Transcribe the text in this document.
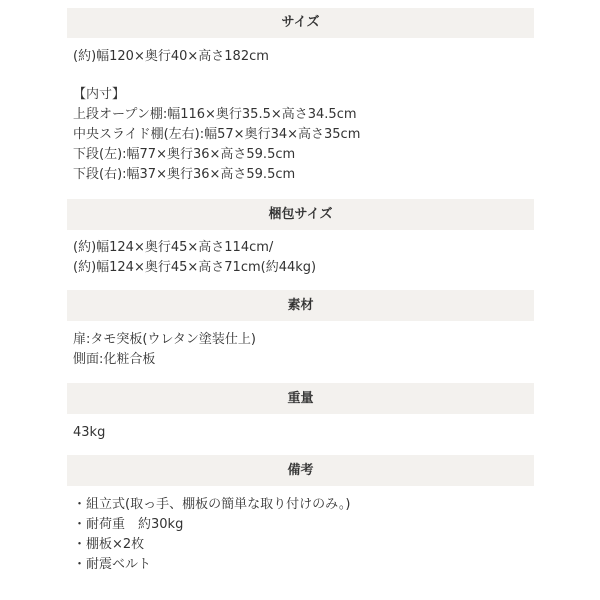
サイズ
(約)幅120×奥行40×高さ182cm
【内寸】
上段オープン棚:幅116×奥行35.5×高さ34.5cm
中央スライド棚(左右):幅57×奥行34×高さ35cm
下段(左):幅77×奥行36×高さ59.5cm
下段(右):幅37×奥行36×高さ59.5cm
梱包サイズ
(約)幅124×奥行45×高さ114cm/
(約)幅124×奥行45×高さ71cm(約44kg)
素材
扉:タモ突板(ウレタン塗装仕上)
側面:化粧合板
重量
43kg
備考
・組立式(取っ手、棚板の簡単な取り付けのみ。)
・耐荷重　約30kg
・棚板×2枚
・耐震ベルト
